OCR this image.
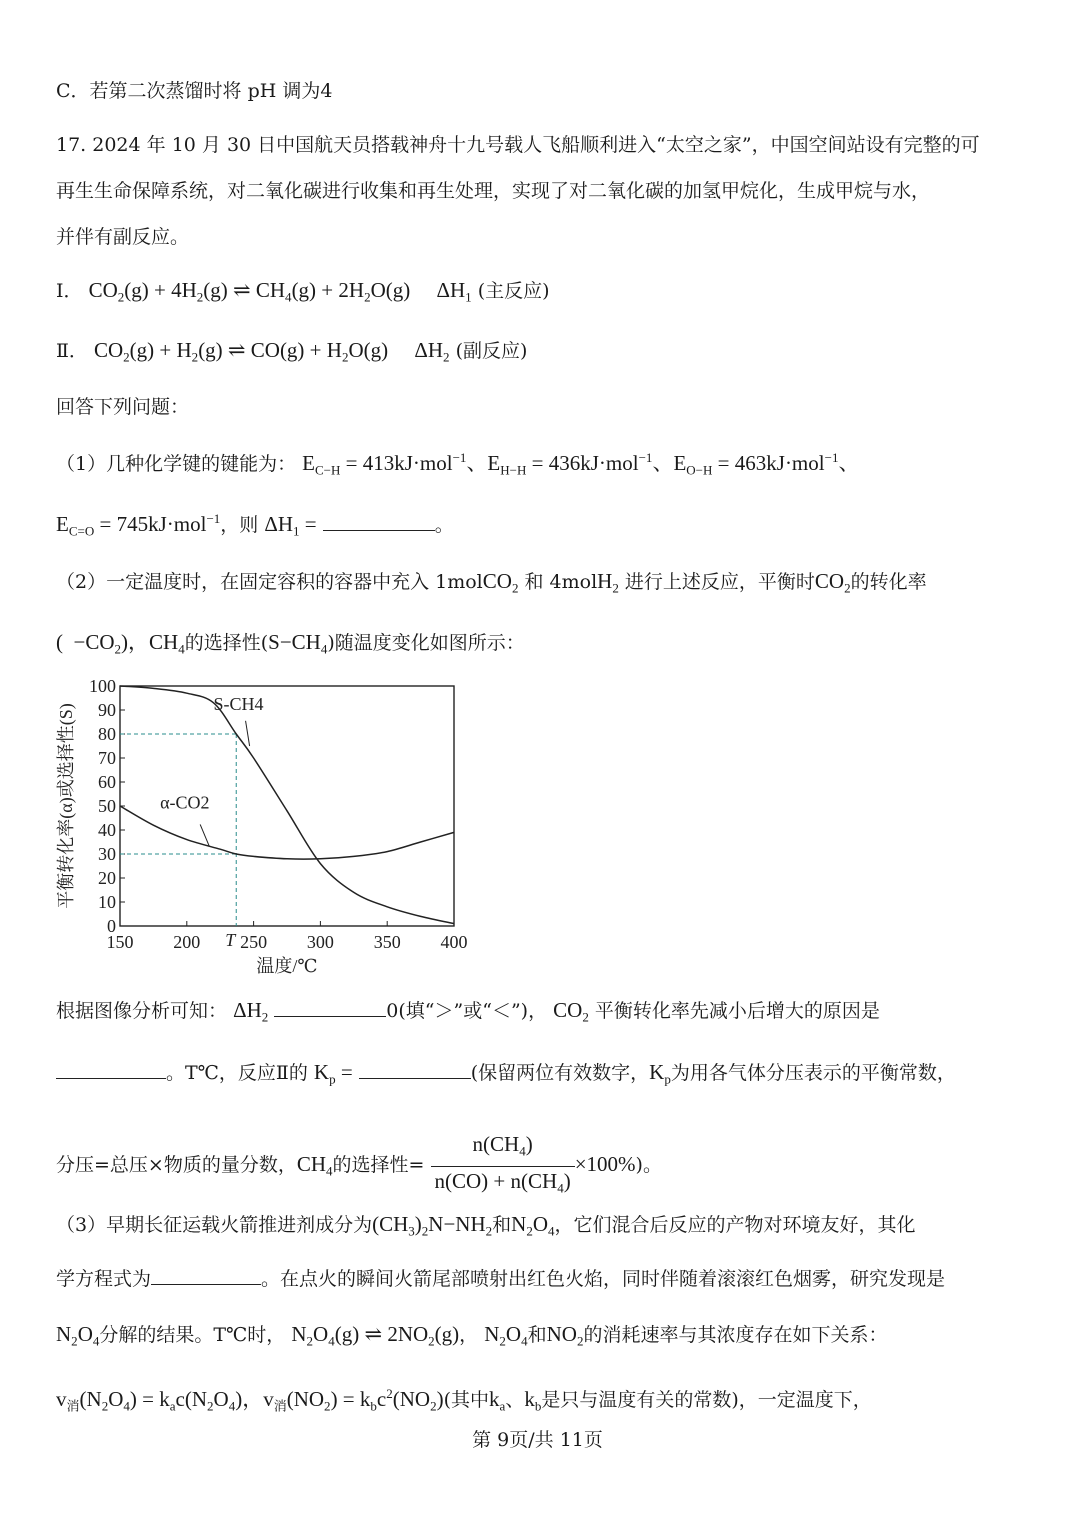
C．若第二次蒸馏时将 pH 调为4
17. 2024 年 10 月 30 日中国航天员搭载神舟十九号载人飞船顺利进入“太空之家”，中国空间站设有完整的可
再生生命保障系统，对二氧化碳进行收集和再生处理，实现了对二氧化碳的加氢甲烷化，生成甲烷与水，
并伴有副反应。
Ⅰ． $CO_2(g) + 4H_2(g)$ ⇌ $CH_4(g) + 2H_2O(g)$     $\Delta H_1$ (主反应)
Ⅱ． $CO_2(g) + H_2(g)$ ⇌ $CO(g) + H_2O(g)$     $\Delta H_2$ (副反应)
回答下列问题：
（1）几种化学键的键能为： $E_{C-H} = 413kJ\cdot mol^{-1}$、$E_{H-H} = 436kJ\cdot mol^{-1}$、$E_{O-H} = 463kJ\cdot mol^{-1}$、
$E_{C=O} = 745kJ\cdot mol^{-1}$，则 $\Delta H_1$ =	。
（2）一定温度时，在固定容积的容器中充入 1molCO$_2$ 和 4molH$_2$ 进行上述反应，平衡时$CO_2$的转化率
(  $-CO_2$)，$CH_4$的选择性$(S-CH_4)$随温度变化如图所示：
0
10
20
30
40
50
60
70
80
90
100
150 200 250 300 350 400
T
S-CH4
α-CO2
温度/℃
平衡转化率(α)或选择性(S)
根据图像分析可知： $\Delta H_2$	0(填“＞”或“＜”)， $CO_2$ 平衡转化率先减小后增大的原因是
。T℃，反应Ⅱ的 $K_p$ =	(保留两位有效数字，$K_p$为用各气体分压表示的平衡常数，
分压=总压×物质的量分数，$CH_4$的选择性= $\frac{n(CH_4)}{n(CO) + n(CH_4)} \times 100\%$)。
（3）早期长征运载火箭推进剂成分为$(CH_3)_2N-NH_2$和$N_2O_4$，它们混合后反应的产物对环境友好，其化
学方程式为	。在点火的瞬间火箭尾部喷射出红色火焰，同时伴随着滚滚红色烟雾，研究发现是
$N_2O_4$分解的结果。T℃时， $N_2O_4(g)$ ⇌ $2NO_2(g)$， $N_2O_4$和$NO_2$的消耗速率与其浓度存在如下关系：
$v_消(N_2O_4) = k_ac(N_2O_4)$，$v_消(NO_2) = k_bc^2(NO_2)$(其中$k_a$、$k_b$是只与温度有关的常数)，一定温度下，
第 9页/共 11页
